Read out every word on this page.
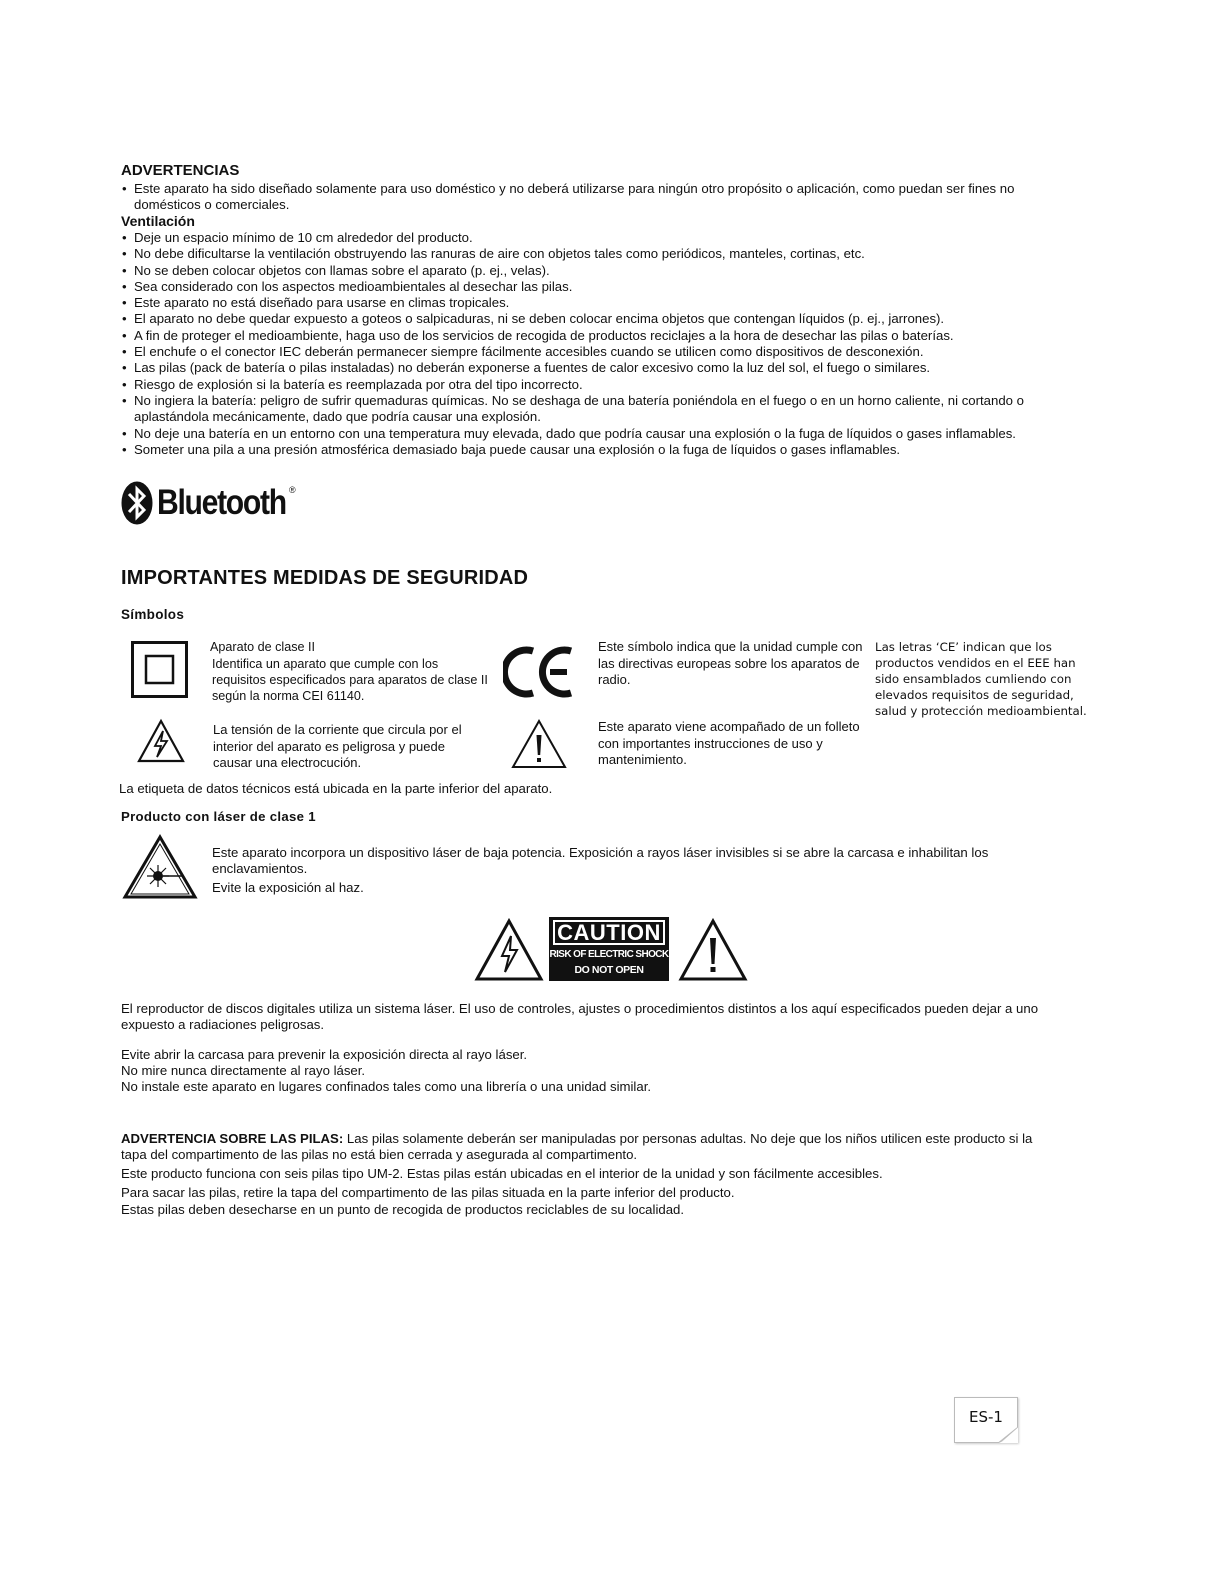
ADVERTENCIAS
• Este aparato ha sido diseñado solamente para uso doméstico y no deberá utilizarse para ningún otro propósito o aplicación, como puedan ser fines no domésticos o comerciales.
Ventilación
• Deje un espacio mínimo de 10 cm alrededor del producto.
• No debe dificultarse la ventilación obstruyendo las ranuras de aire con objetos tales como periódicos, manteles, cortinas, etc.
• No se deben colocar objetos con llamas sobre el aparato (p. ej., velas).
• Sea considerado con los aspectos medioambientales al desechar las pilas.
• Este aparato no está diseñado para usarse en climas tropicales.
• El aparato no debe quedar expuesto a goteos o salpicaduras, ni se deben colocar encima objetos que contengan líquidos (p. ej., jarrones).
• A fin de proteger el medioambiente, haga uso de los servicios de recogida de productos reciclajes a la hora de desechar las pilas o baterías.
• El enchufe o el conector IEC deberán permanecer siempre fácilmente accesibles cuando se utilicen como dispositivos de desconexión.
• Las pilas (pack de batería o pilas instaladas) no deberán exponerse a fuentes de calor excesivo como la luz del sol, el fuego o similares.
• Riesgo de explosión si la batería es reemplazada por otra del tipo incorrecto.
• No ingiera la batería: peligro de sufrir quemaduras químicas. No se deshaga de una batería poniéndola en el fuego o en un horno caliente, ni cortando o aplastándola mecánicamente, dado que podría causar una explosión.
• No deje una batería en un entorno con una temperatura muy elevada, dado que podría causar una explosión o la fuga de líquidos o gases inflamables.
• Someter una pila a una presión atmosférica demasiado baja puede causar una explosión o la fuga de líquidos o gases inflamables.
Bluetooth ®
IMPORTANTES MEDIDAS DE SEGURIDAD
Símbolos
Aparato de clase II
Identifica un aparato que cumple con los requisitos especificados para aparatos de clase II según la norma CEI 61140.
Este símbolo indica que la unidad cumple con las directivas europeas sobre los aparatos de radio.
Las letras ‘CE’ indican que los productos vendidos en el EEE han sido ensamblados cumliendo con elevados requisitos de seguridad, salud y protección medioambiental.
La tensión de la corriente que circula por el interior del aparato es peligrosa y puede causar una electrocución.
Este aparato viene acompañado de un folleto con importantes instrucciones de uso y mantenimiento.
La etiqueta de datos técnicos está ubicada en la parte inferior del aparato.
Producto con láser de clase 1
Este aparato incorpora un dispositivo láser de baja potencia. Exposición a rayos láser invisibles si se abre la carcasa e inhabilitan los enclavamientos.
Evite la exposición al haz.
CAUTION
RISK OF ELECTRIC SHOCK
DO NOT OPEN
El reproductor de discos digitales utiliza un sistema láser. El uso de controles, ajustes o procedimientos distintos a los aquí especificados pueden dejar a uno expuesto a radiaciones peligrosas.
Evite abrir la carcasa para prevenir la exposición directa al rayo láser.
No mire nunca directamente al rayo láser.
No instale este aparato en lugares confinados tales como una librería o una unidad similar.
ADVERTENCIA SOBRE LAS PILAS: Las pilas solamente deberán ser manipuladas por personas adultas. No deje que los niños utilicen este producto si la tapa del compartimento de las pilas no está bien cerrada y asegurada al compartimento.
Este producto funciona con seis pilas tipo UM-2. Estas pilas están ubicadas en el interior de la unidad y son fácilmente accesibles.
Para sacar las pilas, retire la tapa del compartimento de las pilas situada en la parte inferior del producto.
Estas pilas deben desecharse en un punto de recogida de productos reciclables de su localidad.
ES-1
